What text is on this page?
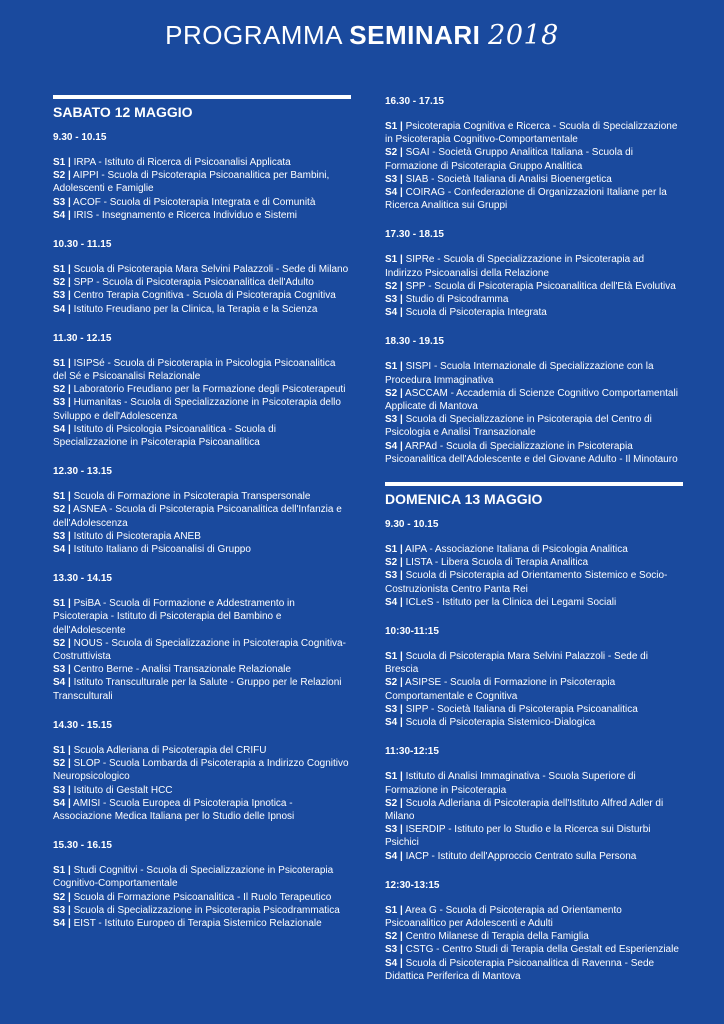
PROGRAMMA SEMINARI 2018
SABATO 12 MAGGIO
9.30 - 10.15
S1 | IRPA - Istituto di Ricerca di Psicoanalisi Applicata
S2 | AIPPI - Scuola di Psicoterapia Psicoanalitica per Bambini, Adolescenti e Famiglie
S3 | ACOF - Scuola di Psicoterapia Integrata e di Comunità
S4 | IRIS - Insegnamento e Ricerca Individuo e Sistemi
10.30 - 11.15
S1 | Scuola di Psicoterapia Mara Selvini Palazzoli - Sede di Milano
S2 | SPP - Scuola di Psicoterapia Psicoanalitica dell'Adulto
S3 | Centro Terapia Cognitiva - Scuola di Psicoterapia Cognitiva
S4 | Istituto Freudiano per la Clinica, la Terapia e la Scienza
11.30 - 12.15
S1 | ISIPSé - Scuola di Psicoterapia in Psicologia Psicoanalitica del Sé e Psicoanalisi Relazionale
S2 | Laboratorio Freudiano per la Formazione degli Psicoterapeuti
S3 | Humanitas - Scuola di Specializzazione in Psicoterapia dello Sviluppo e dell'Adolescenza
S4 | Istituto di Psicologia Psicoanalitica - Scuola di Specializzazione in Psicoterapia Psicoanalitica
12.30 - 13.15
S1 | Scuola di Formazione in Psicoterapia Transpersonale
S2 | ASNEA - Scuola di Psicoterapia Psicoanalitica dell'Infanzia e dell'Adolescenza
S3 | Istituto di Psicoterapia ANEB
S4 | Istituto Italiano di Psicoanalisi di Gruppo
13.30 - 14.15
S1 | PsiBA - Scuola di Formazione e Addestramento in Psicoterapia - Istituto di Psicoterapia del Bambino e dell'Adolescente
S2 | NOUS - Scuola di Specializzazione in Psicoterapia Cognitiva-Costruttivista
S3 | Centro Berne - Analisi Transazionale Relazionale
S4 | Istituto Transculturale per la Salute - Gruppo per le Relazioni Transculturali
14.30 - 15.15
S1 | Scuola Adleriana di Psicoterapia del CRIFU
S2 | SLOP - Scuola Lombarda di Psicoterapia a Indirizzo Cognitivo Neuropsicologico
S3 | Istituto di Gestalt HCC
S4 | AMISI - Scuola Europea di Psicoterapia Ipnotica - Associazione Medica Italiana per lo Studio delle Ipnosi
15.30 - 16.15
S1 | Studi Cognitivi - Scuola di Specializzazione in Psicoterapia Cognitivo-Comportamentale
S2 | Scuola di Formazione Psicoanalitica - Il Ruolo Terapeutico
S3 | Scuola di Specializzazione in Psicoterapia Psicodrammatica
S4 | EIST - Istituto Europeo di Terapia Sistemico Relazionale
16.30 - 17.15
S1 | Psicoterapia Cognitiva e Ricerca - Scuola di Specializzazione in Psicoterapia Cognitivo-Comportamentale
S2 | SGAI - Società Gruppo Analitica Italiana - Scuola di Formazione di Psicoterapia Gruppo Analitica
S3 | SIAB - Società Italiana di Analisi Bioenergetica
S4 | COIRAG - Confederazione di Organizzazioni Italiane per la Ricerca Analitica sui Gruppi
17.30 - 18.15
S1 | SIPRe - Scuola di Specializzazione in Psicoterapia ad Indirizzo Psicoanalisi della Relazione
S2 | SPP - Scuola di Psicoterapia Psicoanalitica dell'Età Evolutiva
S3 | Studio di Psicodramma
S4 | Scuola di Psicoterapia Integrata
18.30 - 19.15
S1 | SISPI - Scuola Internazionale di Specializzazione con la Procedura Immaginativa
S2 | ASCCAM - Accademia di Scienze Cognitivo Comportamentali Applicate di Mantova
S3 | Scuola di Specializzazione in Psicoterapia del Centro di Psicologia e Analisi Transazionale
S4 | ARPAd - Scuola di Specializzazione in Psicoterapia Psicoanalitica dell'Adolescente e del Giovane Adulto - Il Minotauro
DOMENICA 13 MAGGIO
9.30 - 10.15
S1 | AIPA - Associazione Italiana di Psicologia Analitica
S2 | LISTA - Libera Scuola di Terapia Analitica
S3 | Scuola di Psicoterapia ad Orientamento Sistemico e Socio-Costruzionista Centro Panta Rei
S4 | ICLeS - Istituto per la Clinica dei Legami Sociali
10:30-11:15
S1 | Scuola di Psicoterapia Mara Selvini Palazzoli - Sede di Brescia
S2 | ASIPSE - Scuola di Formazione in Psicoterapia Comportamentale e Cognitiva
S3 | SIPP - Società Italiana di Psicoterapia Psicoanalitica
S4 | Scuola di Psicoterapia Sistemico-Dialogica
11:30-12:15
S1 | Istituto di Analisi Immaginativa - Scuola Superiore di Formazione in Psicoterapia
S2 | Scuola Adleriana di Psicoterapia dell'Istituto Alfred Adler di Milano
S3 | ISERDIP - Istituto per lo Studio e la Ricerca sui Disturbi Psichici
S4 | IACP - Istituto dell'Approccio Centrato sulla Persona
12:30-13:15
S1 | Area G - Scuola di Psicoterapia ad Orientamento Psicoanalitico per Adolescenti e Adulti
S2 | Centro Milanese di Terapia della Famiglia
S3 | CSTG - Centro Studi di Terapia della Gestalt ed Esperienziale
S4 | Scuola di Psicoterapia Psicoanalitica di Ravenna - Sede Didattica Periferica di Mantova
